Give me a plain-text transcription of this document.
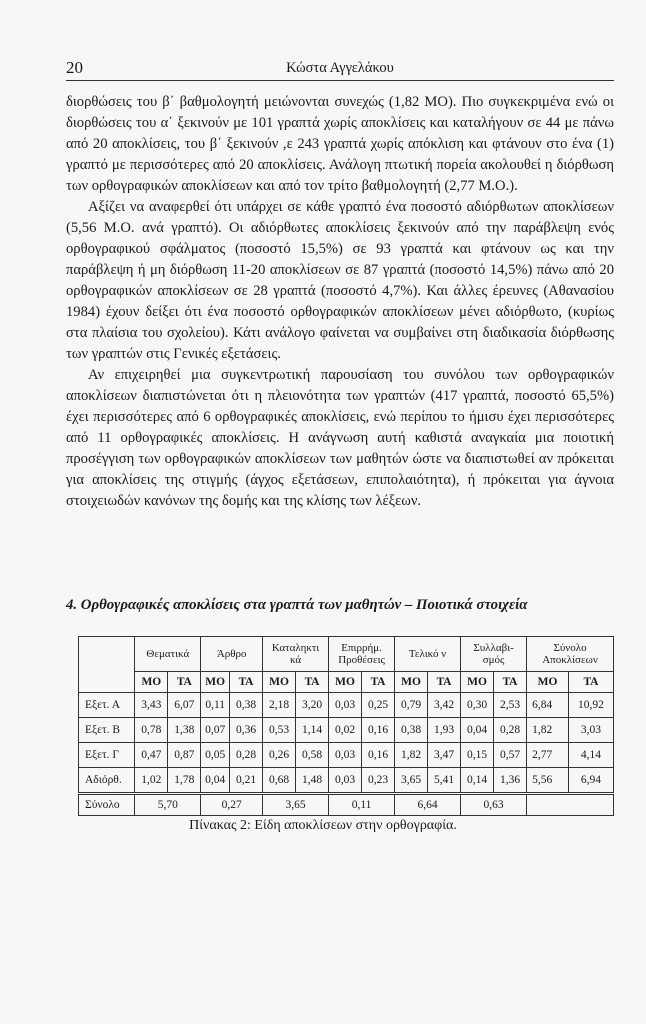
20	Κώστα Αγγελάκου

διορθώσεις του β΄ βαθμολογητή μειώνονται συνεχώς (1,82 ΜΟ). Πιο συγκεκριμένα ενώ οι διορθώσεις του α΄ ξεκινούν με 101 γραπτά χωρίς αποκλίσεις και καταλήγουν σε 44 με πάνω από 20 αποκλίσεις, του β΄ ξεκινούν ,ε 243 γραπτά χωρίς απόκλιση και φτάνουν στο ένα (1) γραπτό με περισσότερες από 20 αποκλίσεις. Ανάλογη πτωτική πορεία ακολουθεί η διόρθωση των ορθογραφικών αποκλίσεων και από τον τρίτο βαθμολογητή (2,77 Μ.Ο.).

Αξίζει να αναφερθεί ότι υπάρχει σε κάθε γραπτό ένα ποσοστό αδιόρθωτων αποκλίσεων (5,56 Μ.Ο. ανά γραπτό). Οι αδιόρθωτες αποκλίσεις ξεκινούν από την παράβλεψη ενός ορθογραφικού σφάλματος (ποσοστό 15,5%) σε 93 γραπτά και φτάνουν ως και την παράβλεψη ή μη διόρθωση 11-20 αποκλίσεων σε 87 γραπτά (ποσοστό 14,5%) πάνω από 20 ορθογραφικών αποκλίσεων σε 28 γραπτά (ποσοστό 4,7%). Και άλλες έρευνες (Αθανασίου 1984) έχουν δείξει ότι ένα ποσοστό ορθογραφικών αποκλίσεων μένει αδιόρθωτο, (κυρίως στα πλαίσια του σχολείου). Κάτι ανάλογο φαίνεται να συμβαίνει στη διαδικασία διόρθωσης των γραπτών στις Γενικές εξετάσεις.

Αν επιχειρηθεί μια συγκεντρωτική παρουσίαση του συνόλου των ορθογραφικών αποκλίσεων διαπιστώνεται ότι η πλειονότητα των γραπτών (417 γραπτά, ποσοστό 65,5%) έχει περισσότερες από 6 ορθογραφικές αποκλίσεις, ενώ περίπου το ήμισυ έχει περισσότερες από 11 ορθογραφικές αποκλίσεις. Η ανάγνωση αυτή καθιστά αναγκαία μια ποιοτική προσέγγιση των ορθογραφικών αποκλίσεων των μαθητών ώστε να διαπιστωθεί αν πρόκειται για αποκλίσεις της στιγμής (άγχος εξετάσεων, επιπολαιότητα), ή πρόκειται για άγνοια στοιχειωδών κανόνων της δομής και της κλίσης των λέξεων.

4. Ορθογραφικές αποκλίσεις στα γραπτά των μαθητών – Ποιοτικά στοιχεία
	Θεματικά		Άρθρο		Καταληκτι κά		Επιρρήμ. Προθέσεις		Τελικό ν		Συλλαβι- σμός		Σύνολο Αποκλίσεων	
	ΜΟ	ΤΑ	ΜΟ	ΤΑ	ΜΟ	ΤΑ	ΜΟ	ΤΑ	ΜΟ	ΤΑ	ΜΟ	ΤΑ	ΜΟ	ΤΑ
Εξετ. Α	3,43	6,07	0,11	0,38	2,18	3,20	0,03	0,25	0,79	3,42	0,30	2,53	6,84	10,92
Εξετ. Β	0,78	1,38	0,07	0,36	0,53	1,14	0,02	0,16	0,38	1,93	0,04	0,28	1,82	3,03
Εξετ. Γ	0,47	0,87	0,05	0,28	0,26	0,58	0,03	0,16	1,82	3,47	0,15	0,57	2,77	4,14
Αδιόρθ.	1,02	1,78	0,04	0,21	0,68	1,48	0,03	0,23	3,65	5,41	0,14	1,36	5,56	6,94
Σύνολο	5,70		0,27		3,65		0,11		6,64		0,63			
Πίνακας 2: Είδη αποκλίσεων στην ορθογραφία.
